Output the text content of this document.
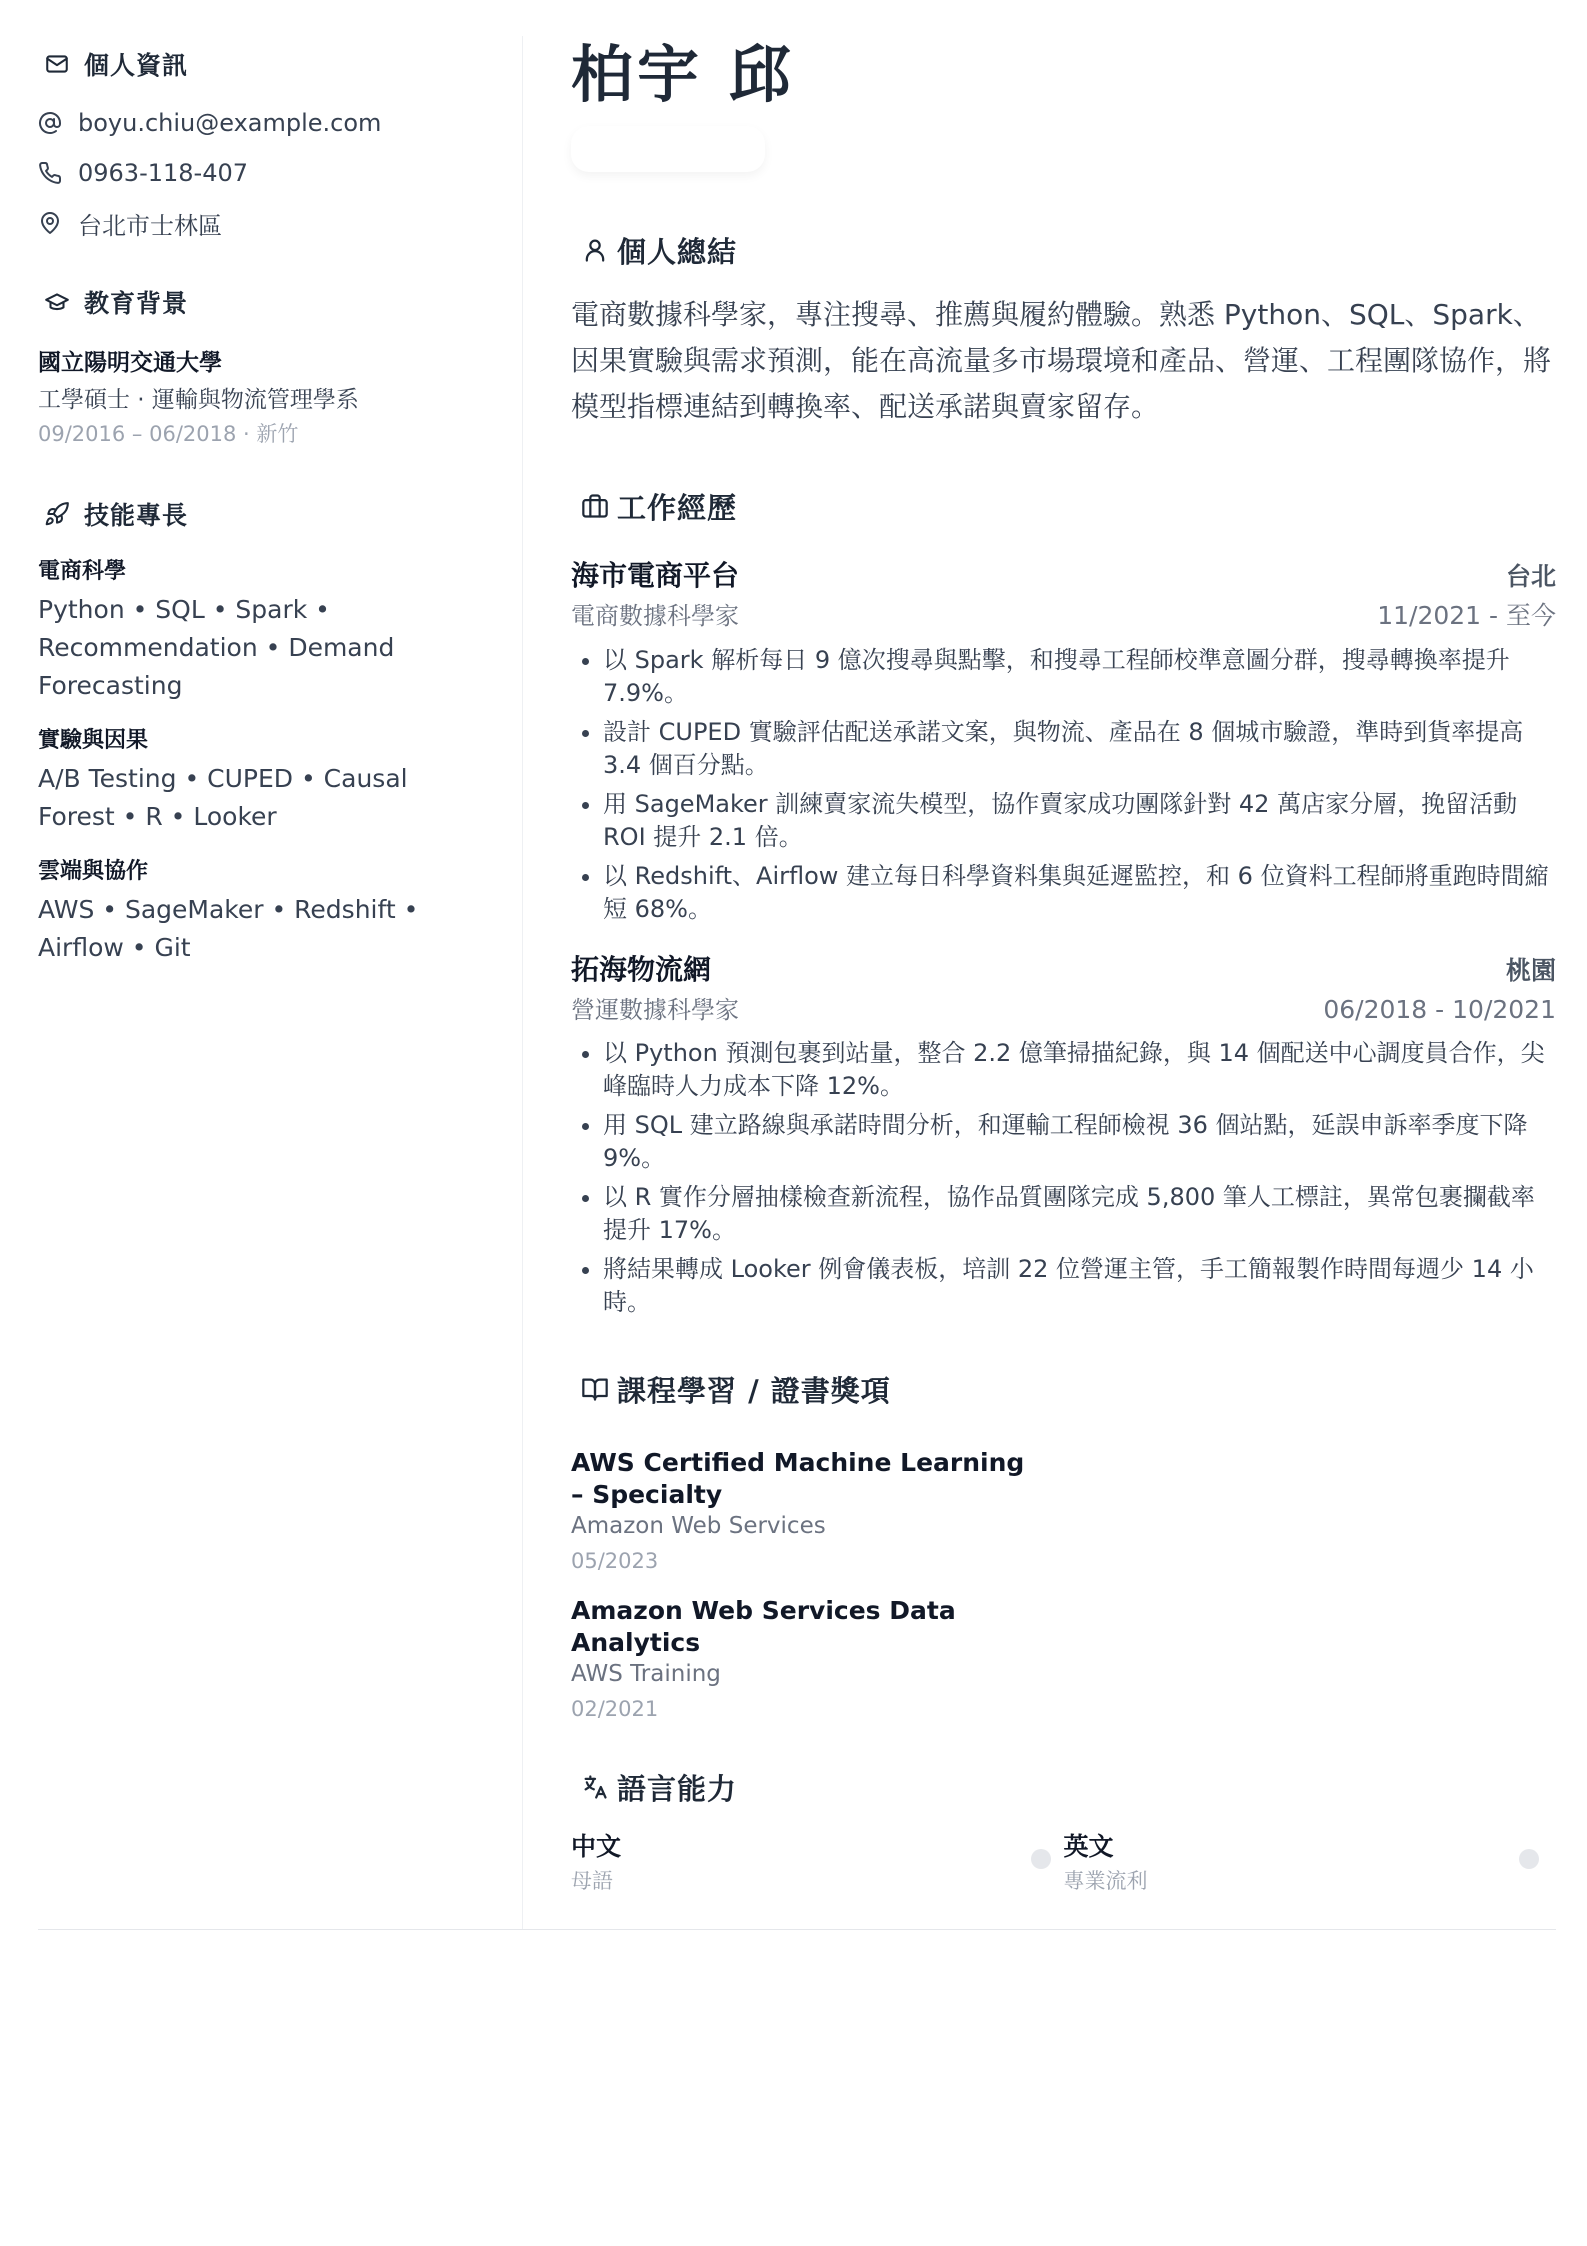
個人資訊
boyu.chiu@example.com
0963-118-407
台北市士林區
教育背景
國立陽明交通大學
工學碩士 · 運輸與物流管理學系
09/2016 – 06/2018 · 新竹
技能專長
電商科學
Python • SQL • Spark • Recommendation • Demand Forecasting
實驗與因果
A/B Testing • CUPED • Causal Forest • R • Looker
雲端與協作
AWS • SageMaker • Redshift • Airflow • Git
柏宇 邱
個人總結
電商數據科學家，專注搜尋、推薦與履約體驗。熟悉 Python、SQL、Spark、因果實驗與需求預測，能在高流量多市場環境和產品、營運、工程團隊協作，將模型指標連結到轉換率、配送承諾與賣家留存。
工作經歷
海市電商平台	台北
電商數據科學家	11/2021 - 至今
• 以 Spark 解析每日 9 億次搜尋與點擊，和搜尋工程師校準意圖分群，搜尋轉換率提升 7.9%。
• 設計 CUPED 實驗評估配送承諾文案，與物流、產品在 8 個城市驗證，準時到貨率提高 3.4 個百分點。
• 用 SageMaker 訓練賣家流失模型，協作賣家成功團隊針對 42 萬店家分層，挽留活動 ROI 提升 2.1 倍。
• 以 Redshift、Airflow 建立每日科學資料集與延遲監控，和 6 位資料工程師將重跑時間縮短 68%。
拓海物流網	桃園
營運數據科學家	06/2018 - 10/2021
• 以 Python 預測包裹到站量，整合 2.2 億筆掃描紀錄，與 14 個配送中心調度員合作，尖峰臨時人力成本下降 12%。
• 用 SQL 建立路線與承諾時間分析，和運輸工程師檢視 36 個站點，延誤申訴率季度下降 9%。
• 以 R 實作分層抽樣檢查新流程，協作品質團隊完成 5,800 筆人工標註，異常包裹攔截率提升 17%。
• 將結果轉成 Looker 例會儀表板，培訓 22 位營運主管，手工簡報製作時間每週少 14 小時。
課程學習 / 證書獎項
AWS Certified Machine Learning – Specialty
Amazon Web Services
05/2023
Amazon Web Services Data Analytics
AWS Training
02/2021
語言能力
中文
母語
英文
專業流利
